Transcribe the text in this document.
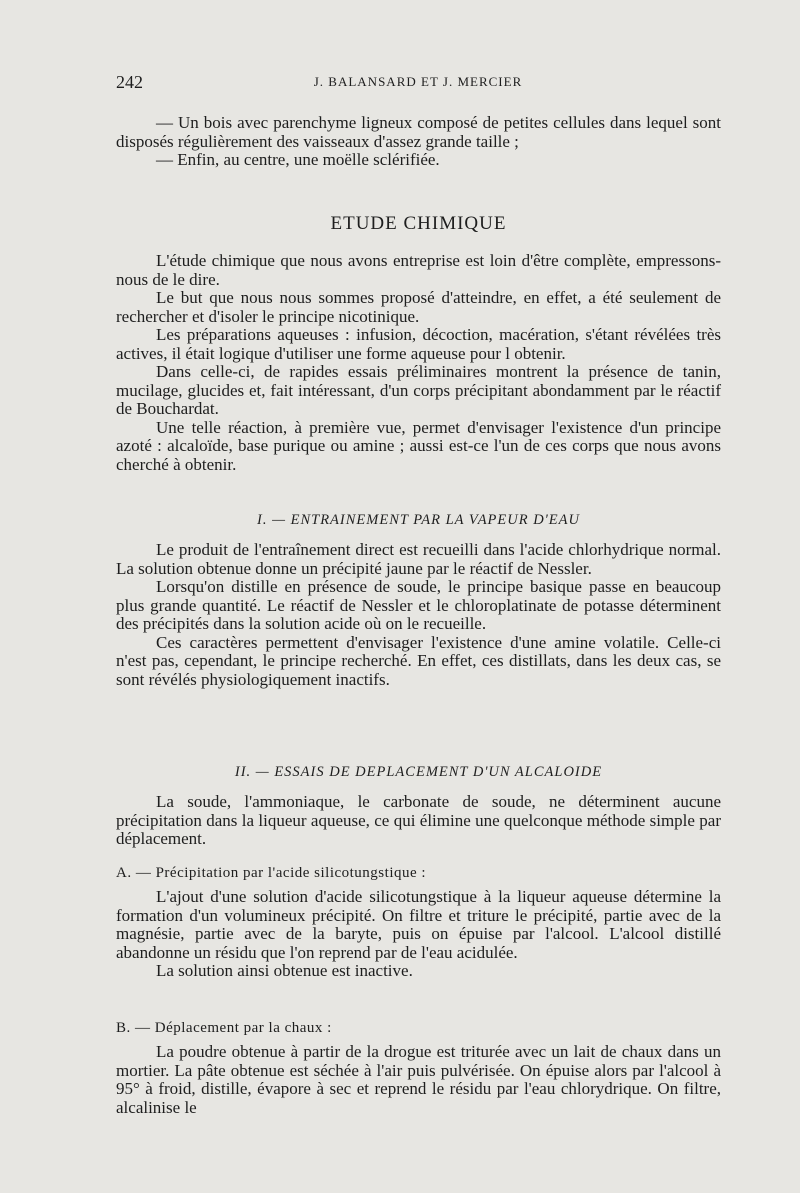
242	J. BALANSARD ET J. MERCIER

— Un bois avec parenchyme ligneux composé de petites cellules dans lequel sont disposés régulièrement des vaisseaux d'assez grande taille ;

— Enfin, au centre, une moëlle sclérifiée.

ETUDE CHIMIQUE

L'étude chimique que nous avons entreprise est loin d'être complète, empressons-nous de le dire.

Le but que nous nous sommes proposé d'atteindre, en effet, a été seulement de rechercher et d'isoler le principe nicotinique.

Les préparations aqueuses : infusion, décoction, macération, s'étant révélées très actives, il était logique d'utiliser une forme aqueuse pour l obtenir.

Dans celle-ci, de rapides essais préliminaires montrent la présence de tanin, mucilage, glucides et, fait intéressant, d'un corps précipitant abondamment par le réactif de Bouchardat.

Une telle réaction, à première vue, permet d'envisager l'existence d'un principe azoté : alcaloïde, base purique ou amine ; aussi est-ce l'un de ces corps que nous avons cherché à obtenir.

I. — ENTRAINEMENT PAR LA VAPEUR D'EAU

Le produit de l'entraînement direct est recueilli dans l'acide chlorhydrique normal. La solution obtenue donne un précipité jaune par le réactif de Nessler.

Lorsqu'on distille en présence de soude, le principe basique passe en beaucoup plus grande quantité. Le réactif de Nessler et le chloroplatinate de potasse déterminent des précipités dans la solution acide où on le recueille.

Ces caractères permettent d'envisager l'existence d'une amine volatile. Celle-ci n'est pas, cependant, le principe recherché. En effet, ces distillats, dans les deux cas, se sont révélés physiologiquement inactifs.

II. — ESSAIS DE DEPLACEMENT D'UN ALCALOIDE

La soude, l'ammoniaque, le carbonate de soude, ne déterminent aucune précipitation dans la liqueur aqueuse, ce qui élimine une quelconque méthode simple par déplacement.

A. — Précipitation par l'acide silicotungstique :

L'ajout d'une solution d'acide silicotungstique à la liqueur aqueuse détermine la formation d'un volumineux précipité. On filtre et triture le précipité, partie avec de la magnésie, partie avec de la baryte, puis on épuise par l'alcool. L'alcool distillé abandonne un résidu que l'on reprend par de l'eau acidulée.

La solution ainsi obtenue est inactive.

B. — Déplacement par la chaux :

La poudre obtenue à partir de la drogue est triturée avec un lait de chaux dans un mortier. La pâte obtenue est séchée à l'air puis pulvérisée. On épuise alors par l'alcool à 95° à froid, distille, évapore à sec et reprend le résidu par l'eau chlorydrique. On filtre, alcalinise le
